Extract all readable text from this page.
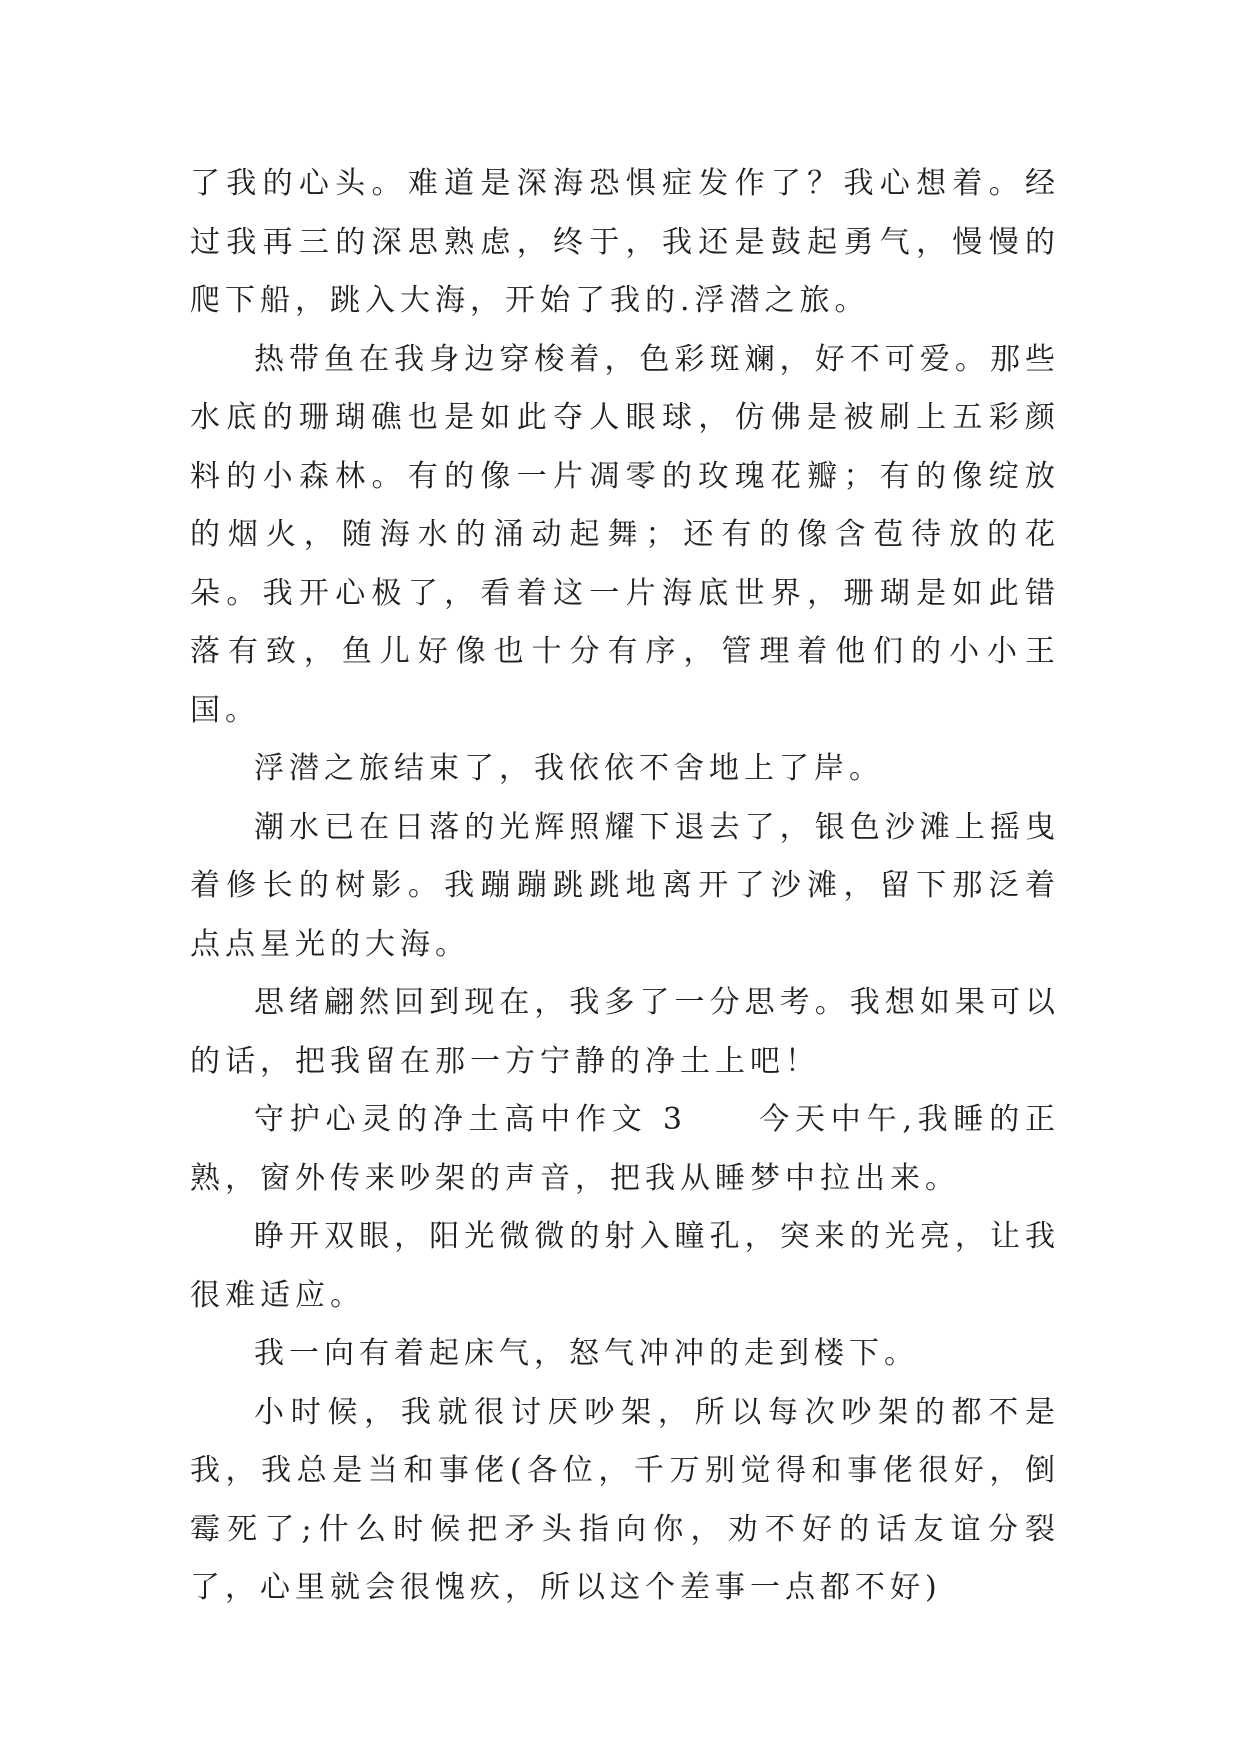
了我的心头。难道是深海恐惧症发作了？我心想着。经过我再三的深思熟虑，终于，我还是鼓起勇气，慢慢的爬下船，跳入大海，开始了我的.浮潜之旅。

热带鱼在我身边穿梭着，色彩斑斓，好不可爱。那些水底的珊瑚礁也是如此夺人眼球，仿佛是被刷上五彩颜料的小森林。有的像一片凋零的玫瑰花瓣；有的像绽放的烟火，随海水的涌动起舞；还有的像含苞待放的花朵。我开心极了，看着这一片海底世界，珊瑚是如此错落有致，鱼儿好像也十分有序，管理着他们的小小王国。

浮潜之旅结束了，我依依不舍地上了岸。

潮水已在日落的光辉照耀下退去了，银色沙滩上摇曳着修长的树影。我蹦蹦跳跳地离开了沙滩，留下那泛着点点星光的大海。

思绪翩然回到现在，我多了一分思考。我想如果可以的话，把我留在那一方宁静的净土上吧！

守护心灵的净土高中作文 3　　今天中午,我睡的正熟，窗外传来吵架的声音，把我从睡梦中拉出来。

睁开双眼，阳光微微的射入瞳孔，突来的光亮，让我很难适应。

我一向有着起床气，怒气冲冲的走到楼下。

小时候，我就很讨厌吵架，所以每次吵架的都不是我，我总是当和事佬(各位，千万别觉得和事佬很好，倒霉死了;什么时候把矛头指向你，劝不好的话友谊分裂了，心里就会很愧疚，所以这个差事一点都不好)
